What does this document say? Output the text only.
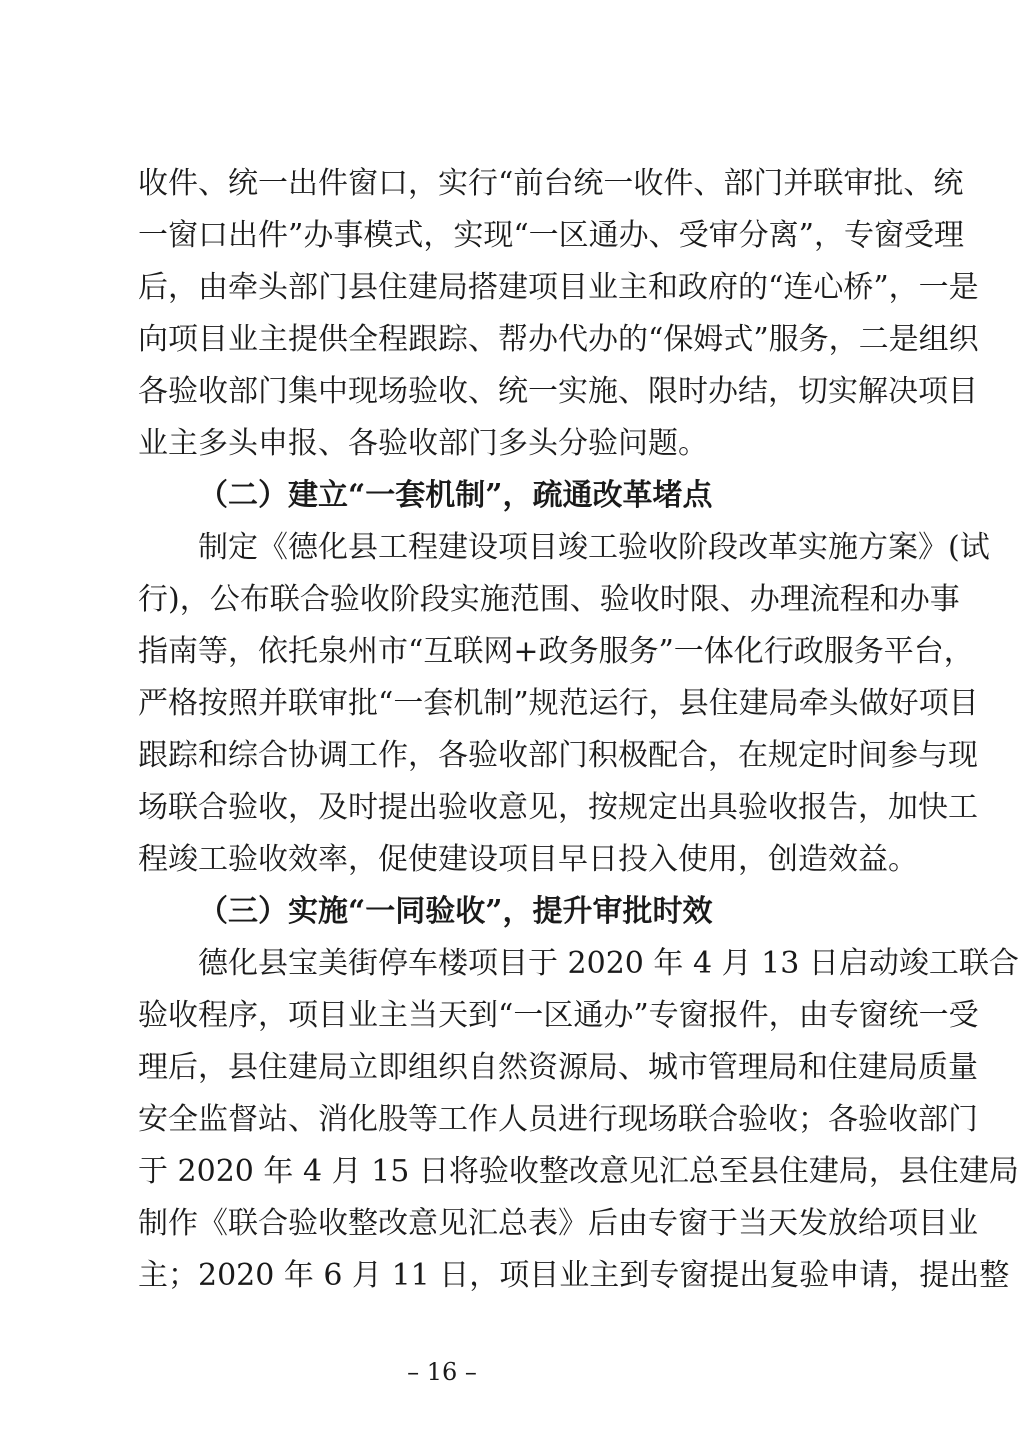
收件、统一出件窗口，实行“前台统一收件、部门并联审批、统
一窗口出件”办事模式，实现“一区通办、受审分离”，专窗受理
后，由牵头部门县住建局搭建项目业主和政府的“连心桥”，一是
向项目业主提供全程跟踪、帮办代办的“保姆式”服务，二是组织
各验收部门集中现场验收、统一实施、限时办结，切实解决项目
业主多头申报、各验收部门多头分验问题。
（二）建立“一套机制”，疏通改革堵点
制定《德化县工程建设项目竣工验收阶段改革实施方案》(试
行)，公布联合验收阶段实施范围、验收时限、办理流程和办事
指南等，依托泉州市“互联网+政务服务”一体化行政服务平台，
严格按照并联审批“一套机制”规范运行，县住建局牵头做好项目
跟踪和综合协调工作，各验收部门积极配合，在规定时间参与现
场联合验收，及时提出验收意见，按规定出具验收报告，加快工
程竣工验收效率，促使建设项目早日投入使用，创造效益。
（三）实施“一同验收”，提升审批时效
德化县宝美街停车楼项目于 2020 年 4 月 13 日启动竣工联合
验收程序，项目业主当天到“一区通办”专窗报件，由专窗统一受
理后，县住建局立即组织自然资源局、城市管理局和住建局质量
安全监督站、消化股等工作人员进行现场联合验收；各验收部门
于 2020 年 4 月 15 日将验收整改意见汇总至县住建局，县住建局
制作《联合验收整改意见汇总表》后由专窗于当天发放给项目业
主；2020 年 6 月 11 日，项目业主到专窗提出复验申请，提出整
– 16 –
